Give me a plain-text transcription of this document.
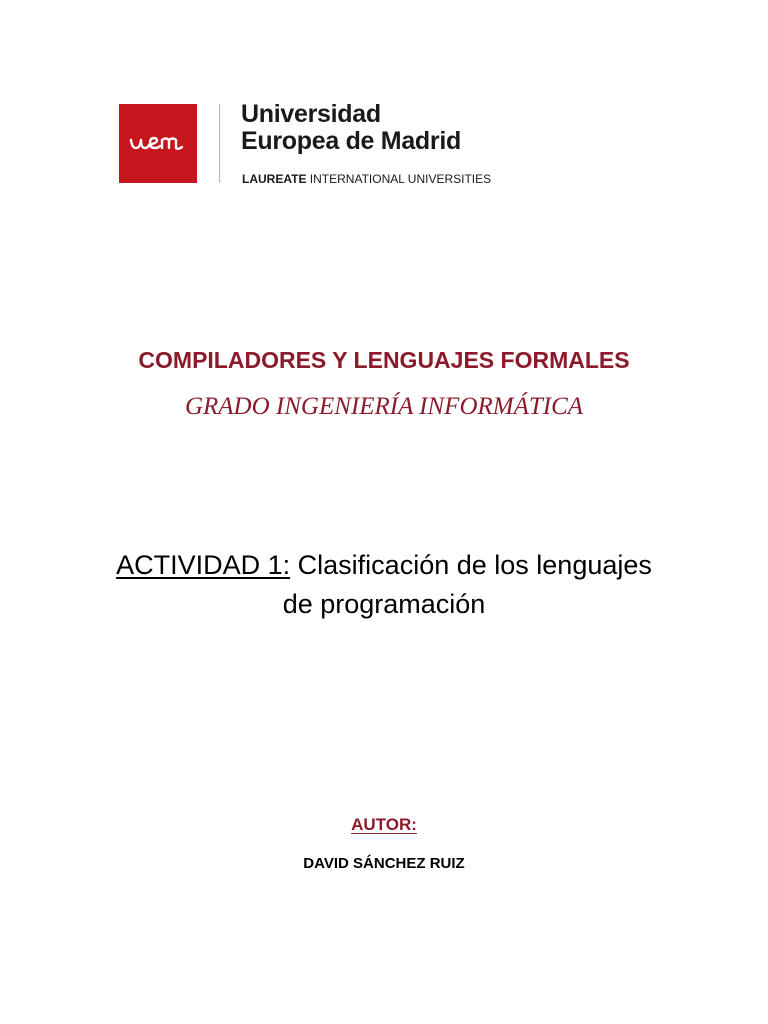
Universidad
Europea de Madrid
LAUREATE INTERNATIONAL UNIVERSITIES
COMPILADORES Y LENGUAJES FORMALES
GRADO INGENIERÍA INFORMÁTICA
ACTIVIDAD 1: Clasificación de los lenguajes de programación
AUTOR:
DAVID SÁNCHEZ RUIZ
